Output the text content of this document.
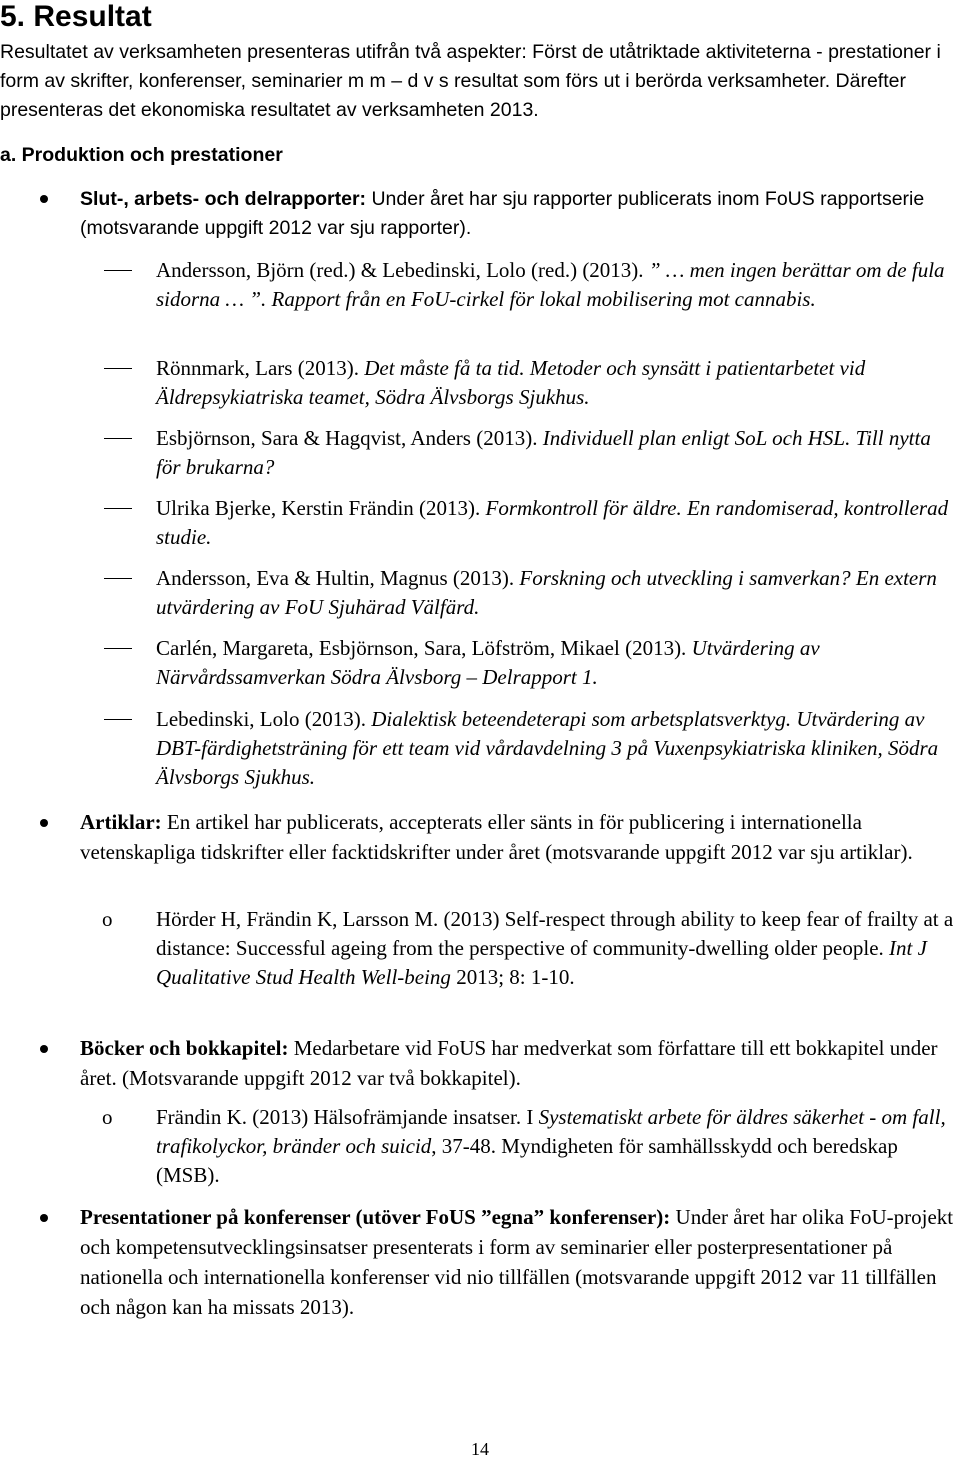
5. Resultat

Resultatet av verksamheten presenteras utifrån två aspekter: Först de utåtriktade aktiviteterna - prestationer i form av skrifter, konferenser, seminarier m m – d v s resultat som förs ut i berörda verksamheter. Därefter presenteras det ekonomiska resultatet av verksamheten 2013.

a. Produktion och prestationer

Slut-, arbets- och delrapporter: Under året har sju rapporter publicerats inom FoUS rapportserie (motsvarande uppgift 2012 var sju rapporter).

Andersson, Björn (red.) & Lebedinski, Lolo (red.) (2013). ” … men ingen berättar om de fula sidorna … ”. Rapport från en FoU-cirkel för lokal mobilisering mot cannabis.

Rönnmark, Lars (2013). Det måste få ta tid. Metoder och synsätt i patientarbetet vid Äldrepsykiatriska teamet, Södra Älvsborgs Sjukhus.

Esbjörnson, Sara & Hagqvist, Anders (2013). Individuell plan enligt SoL och HSL. Till nytta för brukarna?

Ulrika Bjerke, Kerstin Frändin (2013). Formkontroll för äldre. En randomiserad, kontrollerad studie.

Andersson, Eva & Hultin, Magnus (2013). Forskning och utveckling i samverkan? En extern utvärdering av FoU Sjuhärad Välfärd.

Carlén, Margareta, Esbjörnson, Sara, Löfström, Mikael (2013). Utvärdering av Närvårdssamverkan Södra Älvsborg – Delrapport 1.

Lebedinski, Lolo (2013). Dialektisk beteendeterapi som arbetsplatsverktyg. Utvärdering av DBT-färdighetsträning för ett team vid vårdavdelning 3 på Vuxenpsykiatriska kliniken, Södra Älvsborgs Sjukhus.

Artiklar: En artikel har publicerats, accepterats eller sänts in för publicering i internationella vetenskapliga tidskrifter eller facktidskrifter under året (motsvarande uppgift 2012 var sju artiklar).

o Hörder H, Frändin K, Larsson M. (2013) Self-respect through ability to keep fear of frailty at a distance: Successful ageing from the perspective of community-dwelling older people. Int J Qualitative Stud Health Well-being 2013; 8: 1-10.

Böcker och bokkapitel: Medarbetare vid FoUS har medverkat som författare till ett bokkapitel under året. (Motsvarande uppgift 2012 var två bokkapitel).

o Frändin K. (2013) Hälsofrämjande insatser. I Systematiskt arbete för äldres säkerhet - om fall, trafikolyckor, bränder och suicid, 37-48. Myndigheten för samhällsskydd och beredskap (MSB).

Presentationer på konferenser (utöver FoUS ”egna” konferenser): Under året har olika FoU-projekt och kompetensutvecklingsinsatser presenterats i form av seminarier eller posterpresentationer på nationella och internationella konferenser vid nio tillfällen (motsvarande uppgift 2012 var 11 tillfällen och någon kan ha missats 2013).

14
